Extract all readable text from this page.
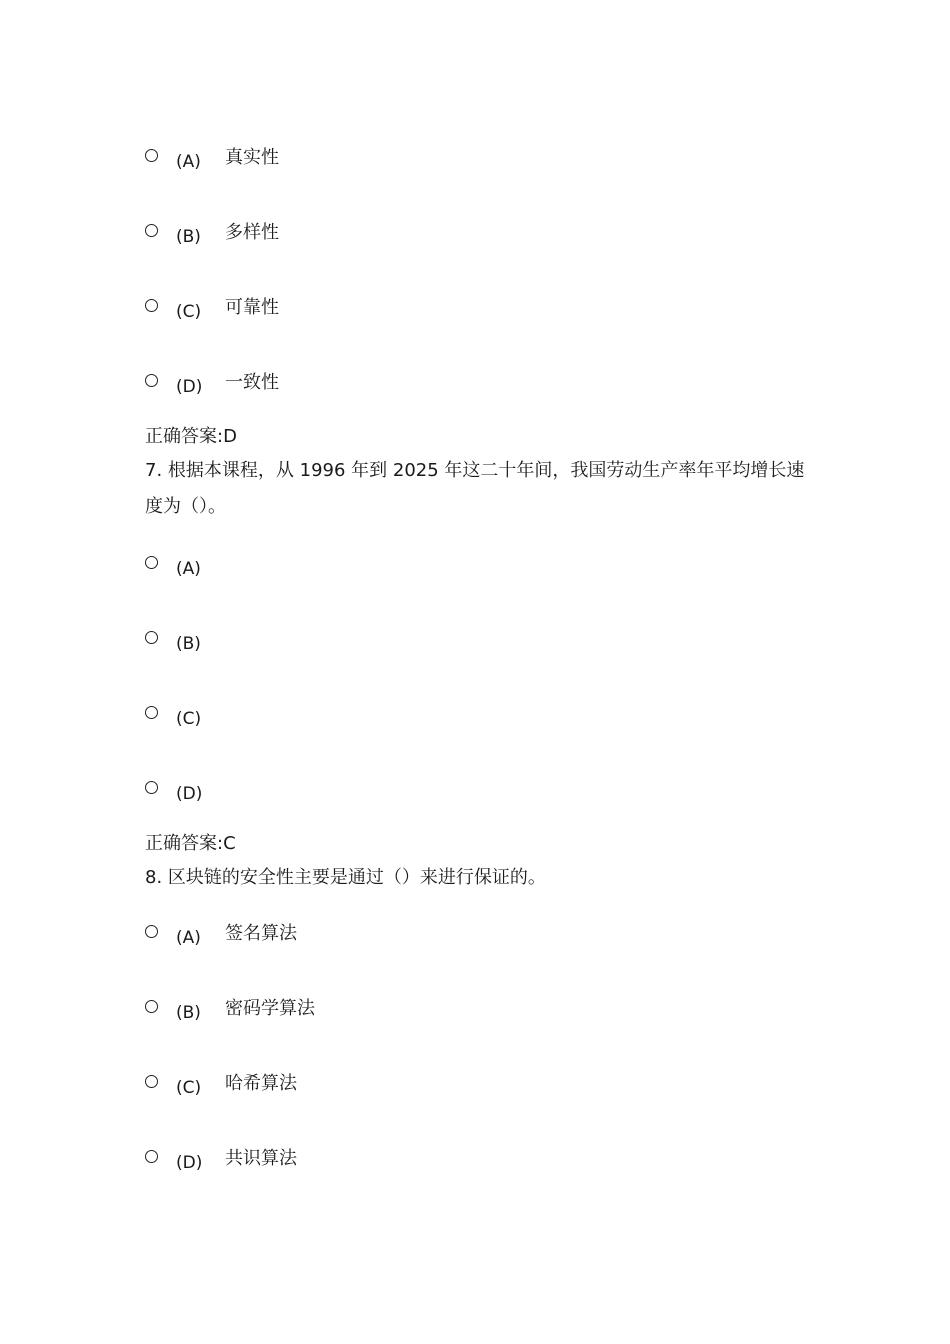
(A) 真实性
(B) 多样性
(C) 可靠性
(D) 一致性
正确答案:D
7. 根据本课程，从 1996 年到 2025 年这二十年间，我国劳动生产率年平均增长速度为（）。
(A)
(B)
(C)
(D)
正确答案:C
8. 区块链的安全性主要是通过（）来进行保证的。
(A) 签名算法
(B) 密码学算法
(C) 哈希算法
(D) 共识算法
